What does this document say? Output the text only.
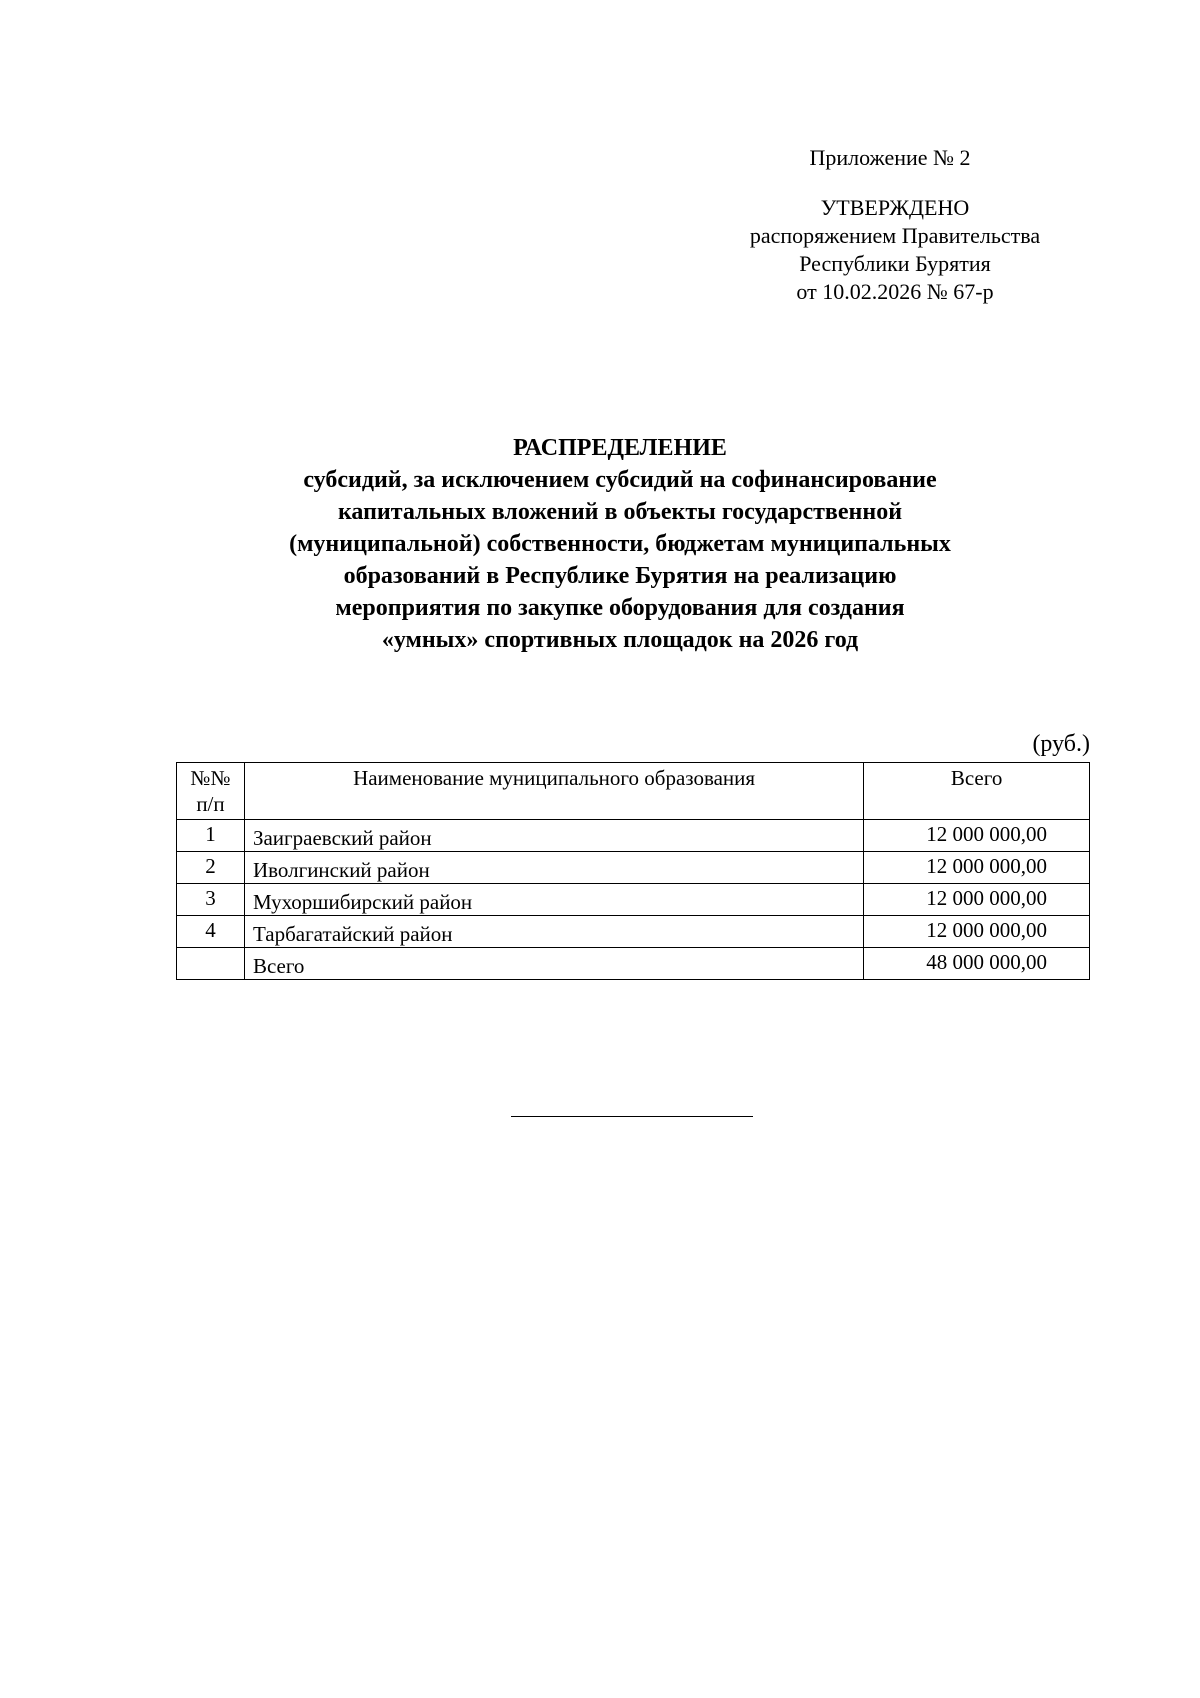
Приложение № 2
УТВЕРЖДЕНО
распоряжением Правительства
Республики Бурятия
от 10.02.2026 № 67-р
РАСПРЕДЕЛЕНИЕ
субсидий, за исключением субсидий на софинансирование
капитальных вложений в объекты государственной
(муниципальной) собственности, бюджетам муниципальных
образований в Республике Бурятия на реализацию
мероприятия по закупке оборудования для создания
«умных» спортивных площадок на 2026 год
(руб.)
№№
п/п	Наименование муниципального образования	Всего
1	Заиграевский район	12 000 000,00
2	Иволгинский район	12 000 000,00
3	Мухоршибирский район	12 000 000,00
4	Тарбагатайский район	12 000 000,00
	Всего	48 000 000,00
